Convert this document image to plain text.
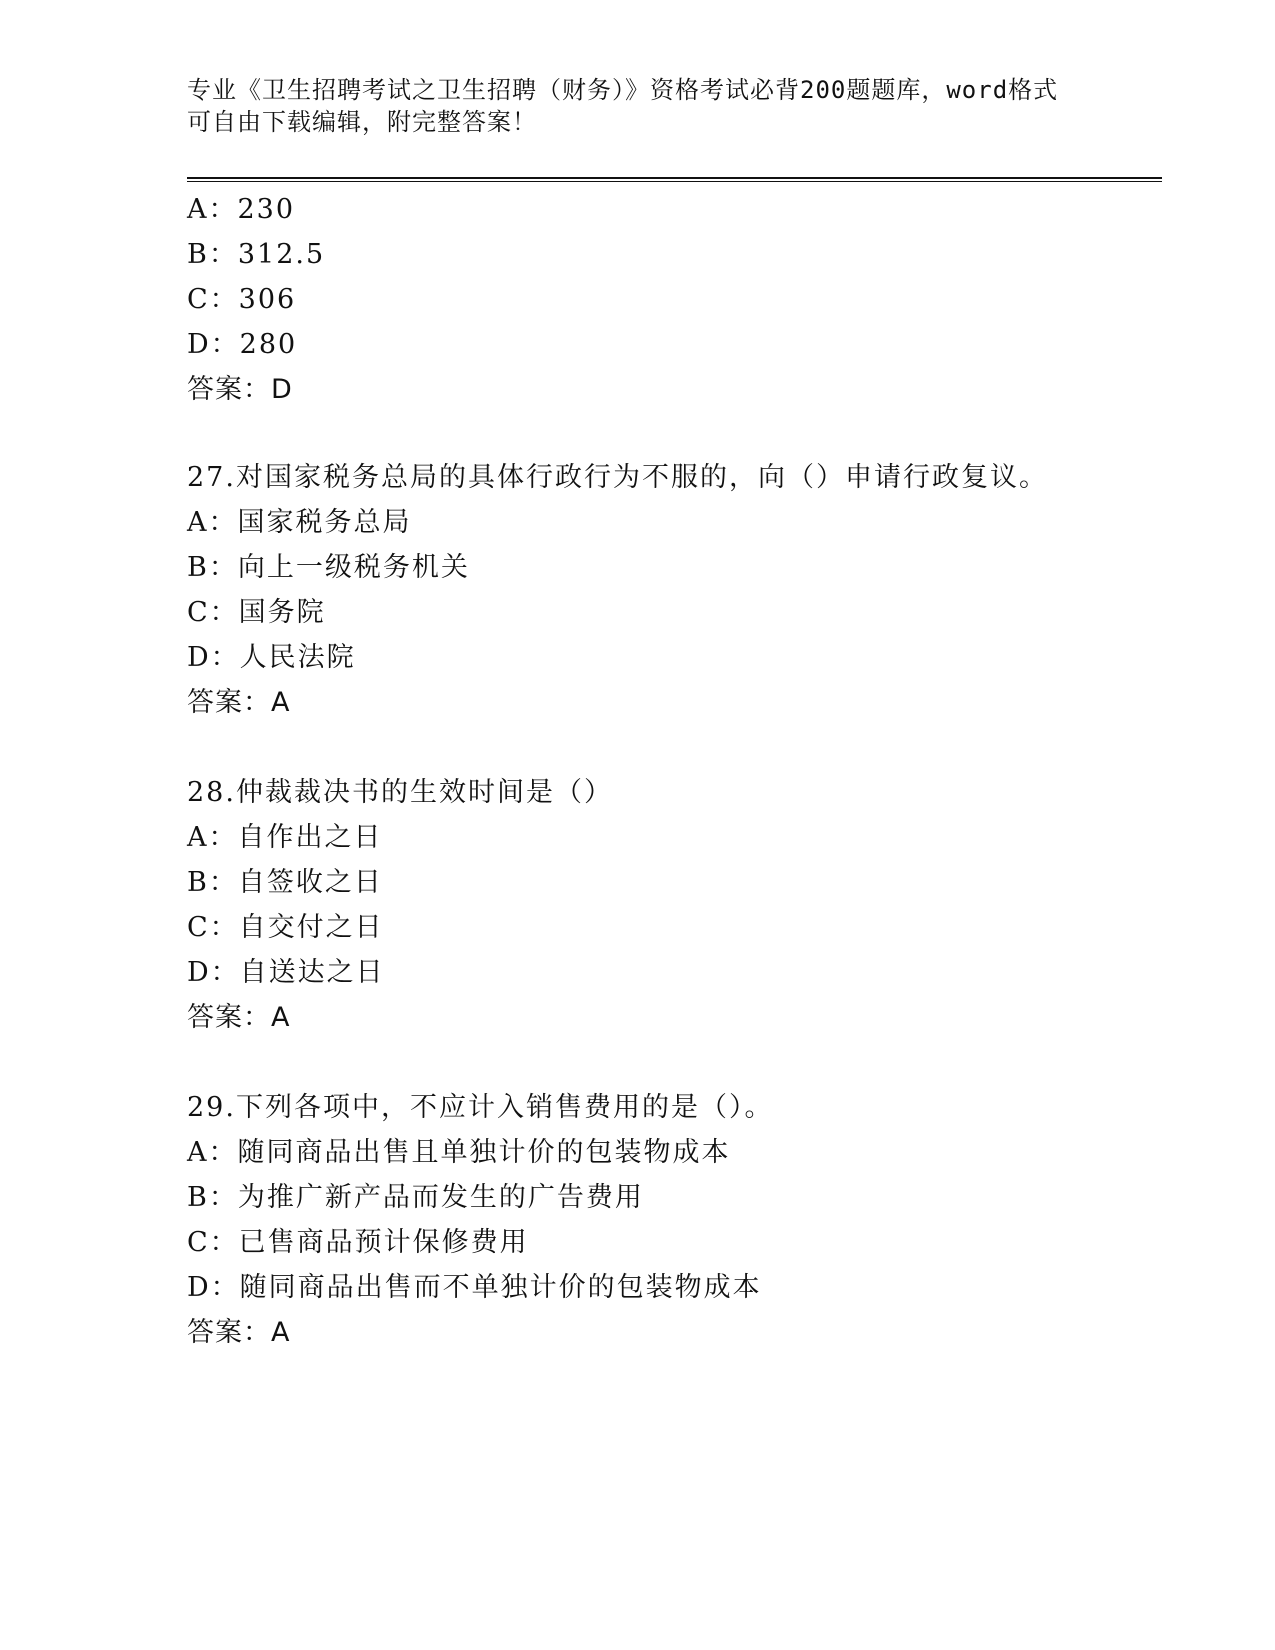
专业《卫生招聘考试之卫生招聘（财务）》资格考试必背200题题库，word格式
可自由下载编辑，附完整答案！
A：230
B：312.5
C：306
D：280
答案：D
27.对国家税务总局的具体行政行为不服的，向（）申请行政复议。
A：国家税务总局
B：向上一级税务机关
C：国务院
D：人民法院
答案：A
28.仲裁裁决书的生效时间是（）
A：自作出之日
B：自签收之日
C：自交付之日
D：自送达之日
答案：A
29.下列各项中，不应计入销售费用的是（）。
A：随同商品出售且单独计价的包装物成本
B：为推广新产品而发生的广告费用
C：已售商品预计保修费用
D：随同商品出售而不单独计价的包装物成本
答案：A
